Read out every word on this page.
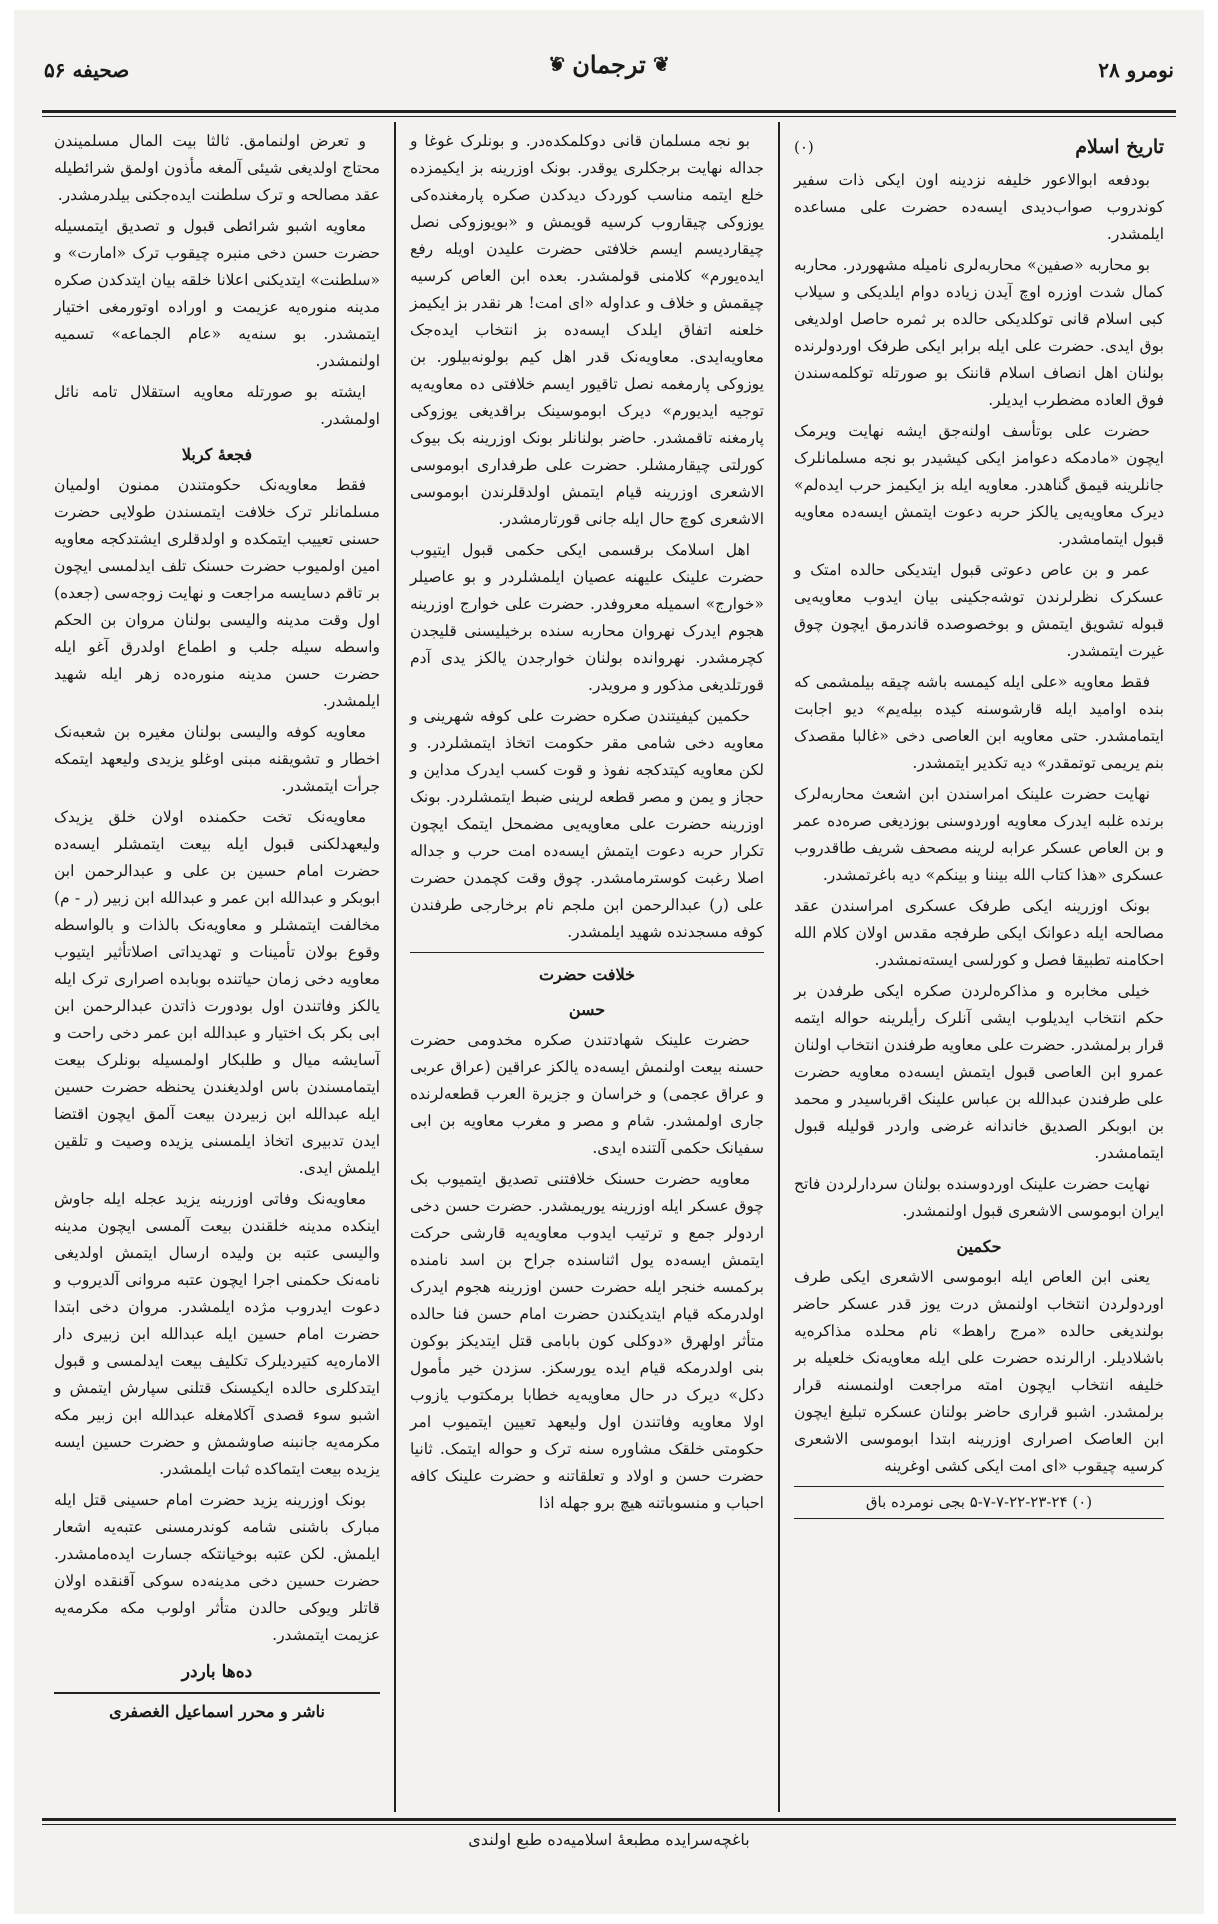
نومرو ۲۸
❦ ترجمان ❦
صحیفه ۵۶
تاریخ اسلام
(۰)

بودفعه ابوالاعور خلیفه نزدینه اون ایکی ذات سفیر کوندروب صواب‌دیدی ایسه‌ده حضرت علی مساعده ایلمشدر.

بو محاربه «صفین» محاربه‌لری نامیله مشهوردر. محاربه کمال شدت اوزره اوچ آیدن زیاده دوام ایلدیکی و سیلاب کبی اسلام قانی توکلدیکی حالده بر ثمره حاصل اولدیغی بوق ایدی. حضرت علی ایله برابر ایکی طرفک اوردولرنده بولنان اهل انصاف اسلام قاننک بو صورتله توکلمه‌سندن فوق العاده مضطرب ایدیلر.

حضرت علی بوتأسف اولنه‌جق ایشه نهایت ویرمک ایچون «مادمکه دعوامز ایکی کیشیدر بو نجه مسلمانلرک جانلرینه قیمق گناهدر. معاویه ایله بز ایکیمز حرب ایده‌لم» دیرک معاویه‌یی یالکز حربه دعوت ایتمش ایسه‌ده معاویه قبول ایتمامشدر.

عمر و بن عاص دعوتی قبول ایتدیکی حالده امتک و عسکرک نظرلرندن توشه‌جکینی بیان ایدوب معاویه‌یی قبوله تشویق ایتمش و بوخصوصده قاندرمق ایچون چوق غیرت ایتمشدر.

فقط معاویه «علی ایله کیمسه باشه چیقه بیلمشمی که بنده اوامید ایله قارشوسنه کیده بیله‌یم» دیو اجابت ایتمامشدر. حتی معاویه ابن العاصی دخی «غالبا مقصدک بنم یریمی توتمقدر» دیه تکدیر ایتمشدر.

نهایت حضرت علینک امراسندن ابن اشعث محاربه‌لرک برنده غلبه ایدرک معاویه اوردوسنی بوزدیغی صره‌ده عمر و بن العاص عسکر عرابه لرینه مصحف شریف طاقدروب عسکری «هذا کتاب الله بیننا و بینکم» دیه باغرتمشدر.

بونک اوزرینه ایکی طرفک عسکری امراسندن عقد مصالحه ایله دعوانک ایکی طرفجه مقدس اولان کلام الله احکامنه تطبیقا فصل و کورلسی ایسته‌نمشدر.

خیلی مخابره و مذاکره‌لردن صکره ایکی طرفدن بر حکم انتخاب ایدیلوب ایشی آنلرک رأیلرینه حواله ایتمه قرار برلمشدر. حضرت علی معاویه طرفندن انتخاب اولنان عمرو ابن العاصی قبول ایتمش ایسه‌ده معاویه حضرت علی طرفندن عبدالله بن عباس علینک اقرباسیدر و محمد بن ابوبکر الصدیق خاندانه غرضی واردر قولیله قبول ایتمامشدر.

نهایت حضرت علینک اوردوسنده بولنان سردارلردن فاتح ایران ابوموسی الاشعری قبول اولنمشدر.

حکمین

یعنی ابن العاص ایله ابوموسی الاشعری ایکی طرف اوردولردن انتخاب اولنمش درت یوز قدر عسکر حاضر بولندیغی حالده «مرج راهط» نام محلده مذاکره‌یه باشلادیلر. ارالرنده حضرت علی ایله معاویه‌نک خلعیله بر خلیفه انتخاب ایچون امته مراجعت اولنمسنه قرار برلمشدر. اشبو قراری حاضر بولنان عسکره تبلیغ ایچون ابن العاصک اصراری اوزرینه ابتدا ابوموسی الاشعری کرسیه چیقوب «ای امت ایکی کشی اوغرینه

(۰) ۵-۷-۷-۲۲-۲۳-۲۴ بجی نومرده باق

بو نجه مسلمان قانی دوکلمکده‌در. و بونلرک غوغا و جداله نهایت برجکلری یوقدر. بونک اوزرینه بز ایکیمزده خلع ایتمه مناسب کوردک دیدکدن صکره پارمغنده‌کی یوزوکی چیقاروب کرسیه قویمش و «بویوزوکی نصل چیقاردیسم ایسم خلافتی حضرت علیدن اویله رفع ایده‌یورم» کلامنی قولمشدر. بعده ابن العاص کرسیه چیقمش و خلاف و عداوله «ای امت! هر نقدر بز ایکیمز خلعنه اتفاق ایلدک ایسه‌ده بز انتخاب ایده‌جک معاویه‌ایدی. معاویه‌نک قدر اهل کیم بولونه‌بیلور. بن یوزوکی پارمغمه نصل تاقیور ایسم خلافتی ده معاویه‌یه توجیه ایدیورم» دیرک ابوموسینک براقدیغی یوزوکی پارمغنه تاقمشدر. حاضر بولنانلر بونک اوزرینه بک بیوک کورلتی چیقارمشلر. حضرت علی طرفداری ابوموسی الاشعری اوزرینه قیام ایتمش اولدقلرندن ابوموسی الاشعری کوچ حال ایله جانی قورتارمشدر.

اهل اسلامک برقسمی ایکی حکمی قبول ایتیوب حضرت علینک علیهنه عصیان ایلمشلردر و بو عاصیلر «خوارج» اسمیله معروفدر. حضرت علی خوارج اوزرینه هجوم ایدرک نهروان محاربه سنده برخیلیسنی قلیجدن کچرمشدر. نهروانده بولنان خوارجدن یالکز یدی آدم قورتلدیغی مذکور و مرویدر.

حکمین کیفیتندن صکره حضرت علی کوفه شهرینی و معاویه دخی شامی مقر حکومت اتخاذ ایتمشلردر. و لکن معاویه کیتدکجه نفوذ و قوت کسب ایدرک مداین و حجاز و یمن و مصر قطعه لرینی ضبط ایتمشلردر. بونک اوزرینه حضرت علی معاویه‌یی مضمحل ایتمک ایچون تکرار حربه دعوت ایتمش ایسه‌ده امت حرب و جداله اصلا رغبت کوسترمامشدر. چوق وقت کچمدن حضرت علی (ر) عبدالرحمن ابن ملجم نام برخارجی طرفندن کوفه مسجدنده شهید ایلمشدر.

خلافت حضرت
حسن

حضرت علینک شهادتندن صکره مخدومی حضرت حسنه بیعت اولنمش ایسه‌ده یالکز عراقین (عراق عربی و عراق عجمی) و خراسان و جزیرة العرب قطعه‌لرنده جاری اولمشدر. شام و مصر و مغرب معاویه بن ابی سفیانک حکمی آلتنده ایدی.

معاویه حضرت حسنک خلافتنی تصدیق ایتمیوب بک چوق عسکر ایله اوزرینه یوریمشدر. حضرت حسن دخی اردولر جمع و ترتیب ایدوب معاویه‌یه قارشی حرکت ایتمش ایسه‌ده یول اثناسنده جراح بن اسد نامنده برکمسه خنجر ایله حضرت حسن اوزرینه هجوم ایدرک اولدرمکه قیام ایتدیکندن حضرت امام حسن فنا حالده متأثر اولهرق «دوکلی کون بابامی قتل ایتدیکز بوکون بنی اولدرمکه قیام ایده یورسکز. سزدن خیر مأمول دکل» دیرک در حال معاویه‌یه خطابا برمکتوب یازوب اولا معاویه وفاتندن اول ولیعهد تعیین ایتمیوب امر حکومتی خلقک مشاوره سنه ترک و حواله ایتمک. ثانیا حضرت حسن و اولاد و تعلقاتنه و حضرت علینک کافه احباب و منسوباتنه هیچ برو جهله اذا

و تعرض اولنمامق. ثالثا بیت المال مسلمیندن محتاج اولدیغی شیئی آلمغه مأذون اولمق شرائطیله عقد مصالحه و ترک سلطنت ایده‌جکنی بیلدرمشدر.

معاویه اشبو شرائطی قبول و تصدیق ایتمسیله حضرت حسن دخی منبره چیقوب ترک «امارت» و «سلطنت» ایتدیکنی اعلانا خلقه بیان ایتدکدن صکره مدینه منوره‌یه عزیمت و اوراده اوتورمغی اختیار ایتمشدر. بو سنه‌یه «عام الجماعه» تسمیه اولنمشدر.

ایشته بو صورتله معاویه استقلال تامه نائل اولمشدر.

فجعۀ کربلا

فقط معاویه‌نک حکومتندن ممنون اولمیان مسلمانلر ترک خلافت ایتمسندن طولایی حضرت حسنی تعییب ایتمکده و اولدقلری ایشتدکجه معاویه امین اولمیوب حضرت حسنک تلف ایدلمسی ایچون بر تاقم دسایسه مراجعت و نهایت زوجه‌سی (جعده) اول وقت مدینه والیسی بولنان مروان بن الحکم واسطه سیله جلب و اطماع اولدرق آغو ایله حضرت حسن مدینه منوره‌ده زهر ایله شهید ایلمشدر.

معاویه کوفه والیسی بولنان مغیره بن شعبه‌نک اخطار و تشویقنه مبنی اوغلو یزیدی ولیعهد ایتمکه جرأت ایتمشدر.

معاویه‌نک تخت حکمنده اولان خلق یزیدک ولیعهدلکنی قبول ایله بیعت ایتمشلر ایسه‌ده حضرت امام حسین بن علی و عبدالرحمن ابن ابوبکر و عبدالله ابن عمر و عبدالله ابن زبیر (ر - م) مخالفت ایتمشلر و معاویه‌نک بالذات و بالواسطه وقوع بولان تأمینات و تهدیداتی اصلاتأثیر ایتیوب معاویه دخی زمان حیاتنده بوبابده اصراری ترک ایله یالکز وفاتندن اول بودورت ذاتدن عبدالرحمن ابن ابی بکر بک اختیار و عبدالله ابن عمر دخی راحت و آسایشه میال و طلبکار اولمسیله بونلرک بیعت ایتمامسندن باس اولدیغندن یحنظه حضرت حسین ایله عبدالله ابن زبیردن بیعت آلمق ایچون اقتضا ایدن تدبیری اتخاذ ایلمسنی یزیده وصیت و تلقین ایلمش ایدی.

معاویه‌نک وفاتی اوزرینه یزید عجله ایله جاوش اینکده مدینه خلقندن بیعت آلمسی ایچون مدینه والیسی عتبه بن ولیده ارسال ایتمش اولدیغی نامه‌نک حکمنی اجرا ایچون عتبه مروانی آلدیروب و دعوت ایدروب مژده ایلمشدر. مروان دخی ابتدا حضرت امام حسین ایله عبدالله ابن زبیری دار الاماره‌یه کتیردیلرک تکلیف بیعت ایدلمسی و قبول ایتدکلری حالده ایکیسنک قتلنی سپارش ایتمش و اشبو سوء قصدی آکلامغله عبدالله ابن زبیر مکه مکرمه‌یه جانبنه صاوشمش و حضرت حسین ایسه یزیده بیعت ایتماکده ثبات ایلمشدر.

بونک اوزرینه یزید حضرت امام حسینی قتل ایله مبارک باشنی شامه کوندرمسنی عتبه‌یه اشعار ایلمش. لکن عتبه بوخیانتکه جسارت ایده‌مامشدر. حضرت حسین دخی مدینه‌ده سوکی آقنقده اولان قاتلر ویوکی حالدن متأثر اولوب مکه مکرمه‌یه عزیمت ایتمشدر.

ده‌ها باردر
ناشر و محرر اسماعیل الغصفری
باغچه‌سرایده مطبعۀ اسلامیه‌ده طبع اولندی
